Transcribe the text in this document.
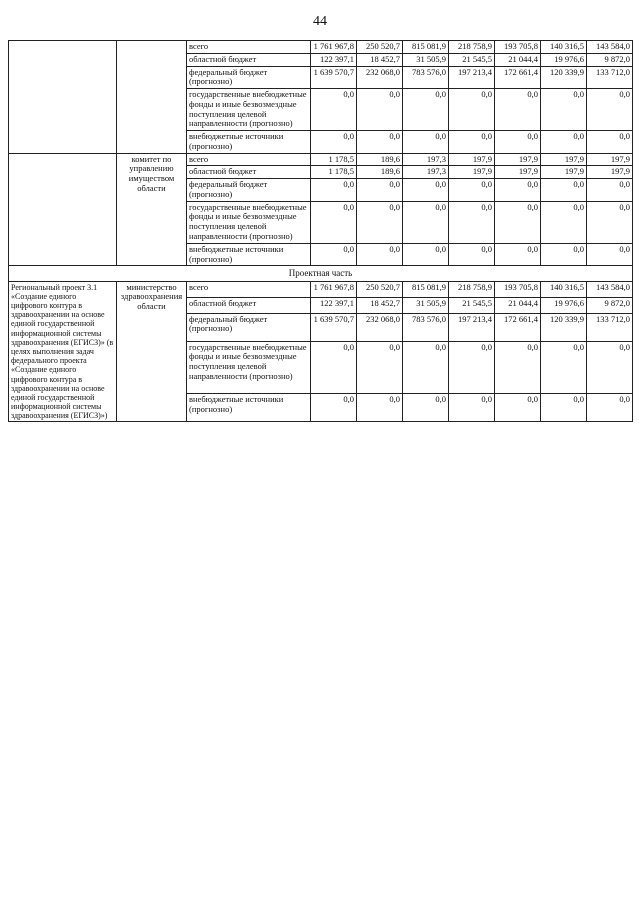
44
		всего	1 761 967,8	250 520,7	815 081,9	218 758,9	193 705,8	140 316,5	143 584,0
		областной бюджет	122 397,1	18 452,7	31 505,9	21 545,5	21 044,4	19 976,6	9 872,0
		федеральный бюджет (прогнозно)	1 639 570,7	232 068,0	783 576,0	197 213,4	172 661,4	120 339,9	133 712,0
		государственные внебюджетные фонды и иные безвозмездные поступления целевой направленности (прогнозно)	0,0	0,0	0,0	0,0	0,0	0,0	0,0
		внебюджетные источники (прогнозно)	0,0	0,0	0,0	0,0	0,0	0,0	0,0
	комитет по управлению имуществом области	всего	1 178,5	189,6	197,3	197,9	197,9	197,9	197,9
		областной бюджет	1 178,5	189,6	197,3	197,9	197,9	197,9	197,9
		федеральный бюджет (прогнозно)	0,0	0,0	0,0	0,0	0,0	0,0	0,0
		государственные внебюджетные фонды и иные безвозмездные поступления целевой направленности (прогнозно)	0,0	0,0	0,0	0,0	0,0	0,0	0,0
		внебюджетные источники (прогнозно)	0,0	0,0	0,0	0,0	0,0	0,0	0,0
Проектная часть									
Региональный проект 3.1 «Создание единого цифрового контура в здравоохранении на основе единой государственной информационной системы здравоохранения (ЕГИСЗ)» (в целях выполнения задач федерального проекта «Создание единого цифрового контура в здравоохранении на основе единой государственной информационной системы здравоохранения (ЕГИСЗ)»)	министерство здравоохранения области	всего	1 761 967,8	250 520,7	815 081,9	218 758,9	193 705,8	140 316,5	143 584,0
		областной бюджет	122 397,1	18 452,7	31 505,9	21 545,5	21 044,4	19 976,6	9 872,0
		федеральный бюджет (прогнозно)	1 639 570,7	232 068,0	783 576,0	197 213,4	172 661,4	120 339,9	133 712,0
		государственные внебюджетные фонды и иные безвозмездные поступления целевой направленности (прогнозно)	0,0	0,0	0,0	0,0	0,0	0,0	0,0
		внебюджетные источники (прогнозно)	0,0	0,0	0,0	0,0	0,0	0,0	0,0
